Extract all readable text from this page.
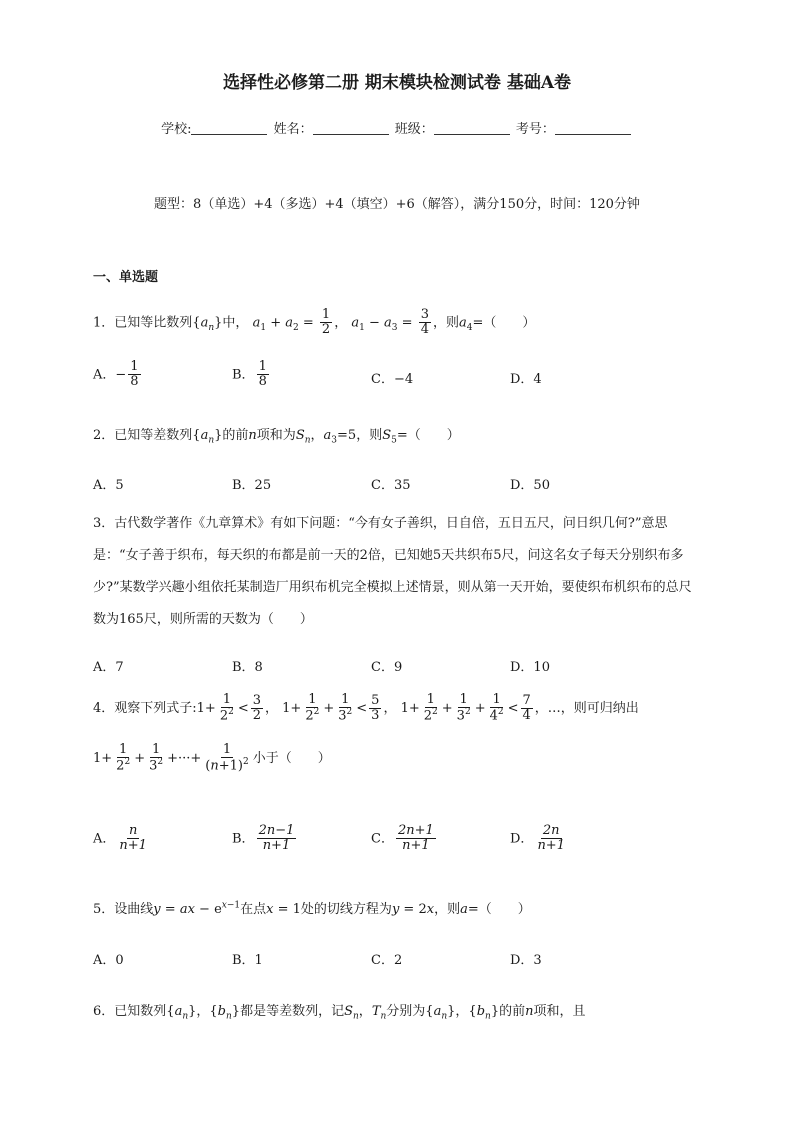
选择性必修第二册 期末模块检测试卷 基础A卷
学校:	姓名：	班级：	考号：
题型：8（单选）+4（多选）+4（填空）+6（解答），满分150分，时间：120分钟
一、单选题
1．已知等比数列$\{a_n\}$中， $a_1 + a_2 = \frac{1}{2}$ ， $a_1 - a_3 = \frac{3}{4}$ ，则$a_4=$（　　）
A．− $\frac{1}{8}$	B． $\frac{1}{8}$	C．−4	D．4
2．已知等差数列$\{a_n\}$的前n项和为$S_n$，$a_3=5$，则$S_5=$（　　）
A．5	B．25	C．35	D．50
3．古代数学著作《九章算术》有如下问题：“今有女子善织，日自倍，五日五尺，问日织几何?”意思是：“女子善于织布，每天织的布都是前一天的2倍，已知她5天共织布5尺，问这名女子每天分别织布多少?”某数学兴趣小组依托某制造厂用织布机完全模拟上述情景，则从第一天开始，要使织布机织布的总尺数为165尺，则所需的天数为（　　）
A．7	B．8	C．9	D．10
4．观察下列式子:1+ $\frac{1}{2^2} < \frac{3}{2}$ ， $1+ \frac{1}{2^2} + \frac{1}{3^2} < \frac{5}{3}$ ， $1+ \frac{1}{2^2} + \frac{1}{3^2} + \frac{1}{4^2} < \frac{7}{4}$ ，…，则可归纳出
$1+ \frac{1}{2^2} + \frac{1}{3^2}$ +···+ $\frac{1}{(n+1)^2}$ 小于（　　）
A． $\frac{n}{n+1}$	B． $\frac{2n-1}{n+1}$	C． $\frac{2n+1}{n+1}$	D． $\frac{2n}{n+1}$
5．设曲线y = ax − $e^{x-1}$在点x = 1处的切线方程为y = 2x，则a=（　　）
A．0	B．1	C．2	D．3
6．已知数列$\{a_n\}$，$\{b_n\}$都是等差数列，记$S_n$，$T_n$分别为$\{a_n\}$，$\{b_n\}$的前n项和，且
